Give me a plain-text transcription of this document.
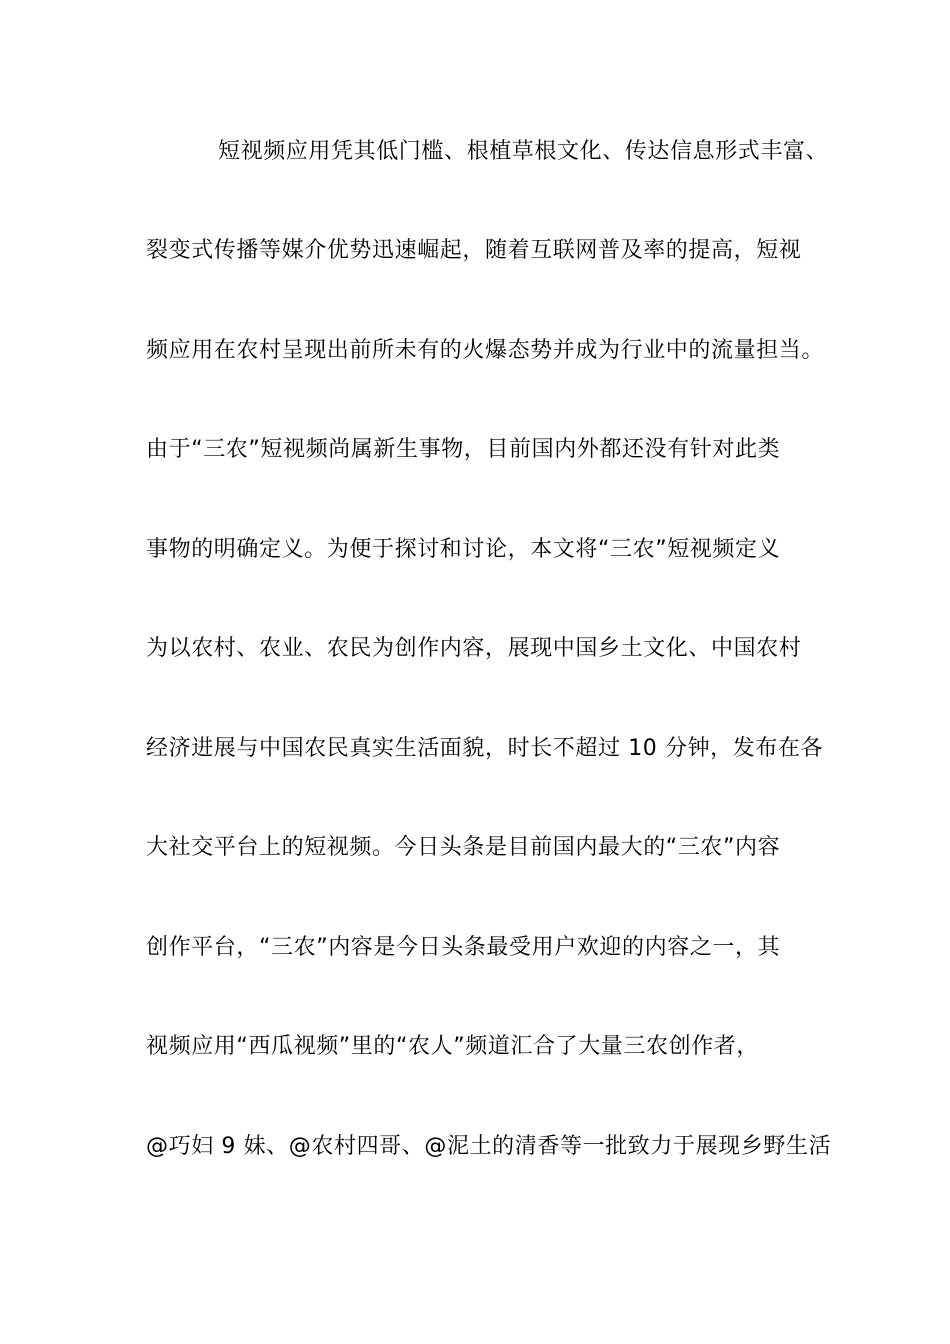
短视频应用凭其低门槛、根植草根文化、传达信息形式丰富、
裂变式传播等媒介优势迅速崛起，随着互联网普及率的提高，短视
频应用在农村呈现出前所未有的火爆态势并成为行业中的流量担当。
由于“三农”短视频尚属新生事物，目前国内外都还没有针对此类
事物的明确定义。为便于探讨和讨论，本文将“三农”短视频定义
为以农村、农业、农民为创作内容，展现中国乡土文化、中国农村
经济进展与中国农民真实生活面貌，时长不超过 10 分钟，发布在各
大社交平台上的短视频。今日头条是目前国内最大的“三农”内容
创作平台，“三农”内容是今日头条最受用户欢迎的内容之一，其
视频应用“西瓜视频”里的“农人”频道汇合了大量三农创作者，
@巧妇 9 妹、@农村四哥、@泥土的清香等一批致力于展现乡野生活
